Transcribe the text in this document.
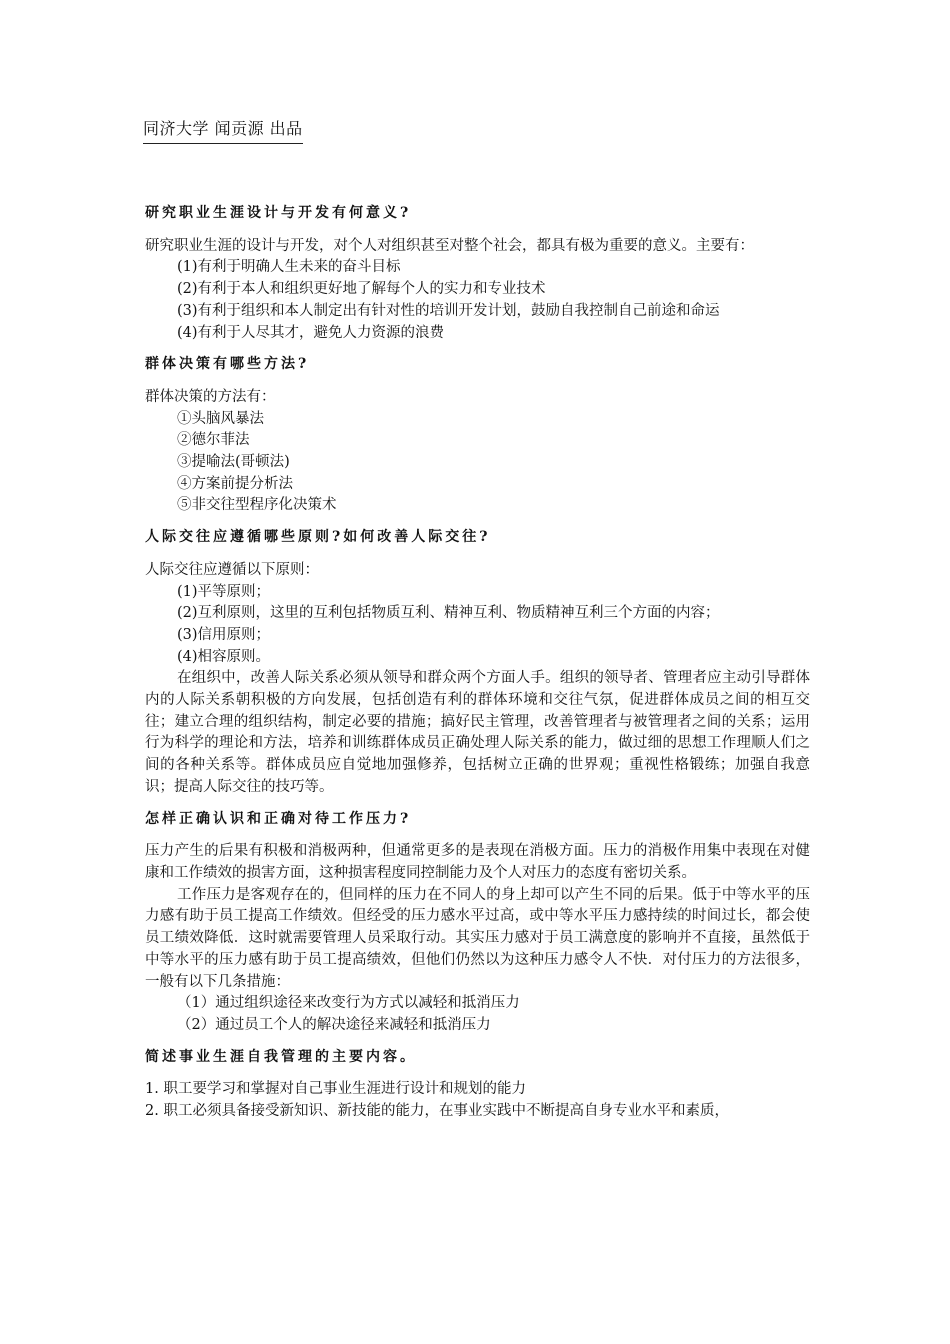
同济大学 闻贡源 出品

研究职业生涯设计与开发有何意义?

研究职业生涯的设计与开发，对个人对组织甚至对整个社会，都具有极为重要的意义。主要有：

(1)有利于明确人生未来的奋斗目标
(2)有利于本人和组织更好地了解每个人的实力和专业技术
(3)有利于组织和本人制定出有针对性的培训开发计划，鼓励自我控制自己前途和命运
(4)有利于人尽其才，避免人力资源的浪费

群体决策有哪些方法?

群体决策的方法有：

①头脑风暴法
②德尔菲法
③提喻法(哥顿法)
④方案前提分析法
⑤非交往型程序化决策术

人际交往应遵循哪些原则?如何改善人际交往?

人际交往应遵循以下原则：

(1)平等原则；
(2)互利原则，这里的互利包括物质互利、精神互利、物质精神互利三个方面的内容；
(3)信用原则；
(4)相容原则。

在组织中，改善人际关系必须从领导和群众两个方面人手。组织的领导者、管理者应主动引导群体内的人际关系朝积极的方向发展，包括创造有利的群体环境和交往气氛，促进群体成员之间的相互交往；建立合理的组织结构，制定必要的措施；搞好民主管理，改善管理者与被管理者之间的关系；运用行为科学的理论和方法，培养和训练群体成员正确处理人际关系的能力，做过细的思想工作理顺人们之间的各种关系等。群体成员应自觉地加强修养，包括树立正确的世界观；重视性格锻练；加强自我意识；提高人际交往的技巧等。

怎样正确认识和正确对待工作压力?

压力产生的后果有积极和消极两种，但通常更多的是表现在消极方面。压力的消极作用集中表现在对健康和工作绩效的损害方面，这种损害程度同控制能力及个人对压力的态度有密切关系。

工作压力是客观存在的，但同样的压力在不同人的身上却可以产生不同的后果。低于中等水平的压力感有助于员工提高工作绩效。但经受的压力感水平过高，或中等水平压力感持续的时间过长，都会使员工绩效降低．这时就需要管理人员采取行动。其实压力感对于员工满意度的影响并不直接，虽然低于中等水平的压力感有助于员工提高绩效，但他们仍然以为这种压力感令人不快．对付压力的方法很多，一般有以下几条措施：

（1）通过组织途径来改变行为方式以减轻和抵消压力
（2）通过员工个人的解决途径来减轻和抵消压力

简述事业生涯自我管理的主要内容。

1. 职工要学习和掌握对自己事业生涯进行设计和规划的能力
2. 职工必须具备接受新知识、新技能的能力，在事业实践中不断提高自身专业水平和素质，
